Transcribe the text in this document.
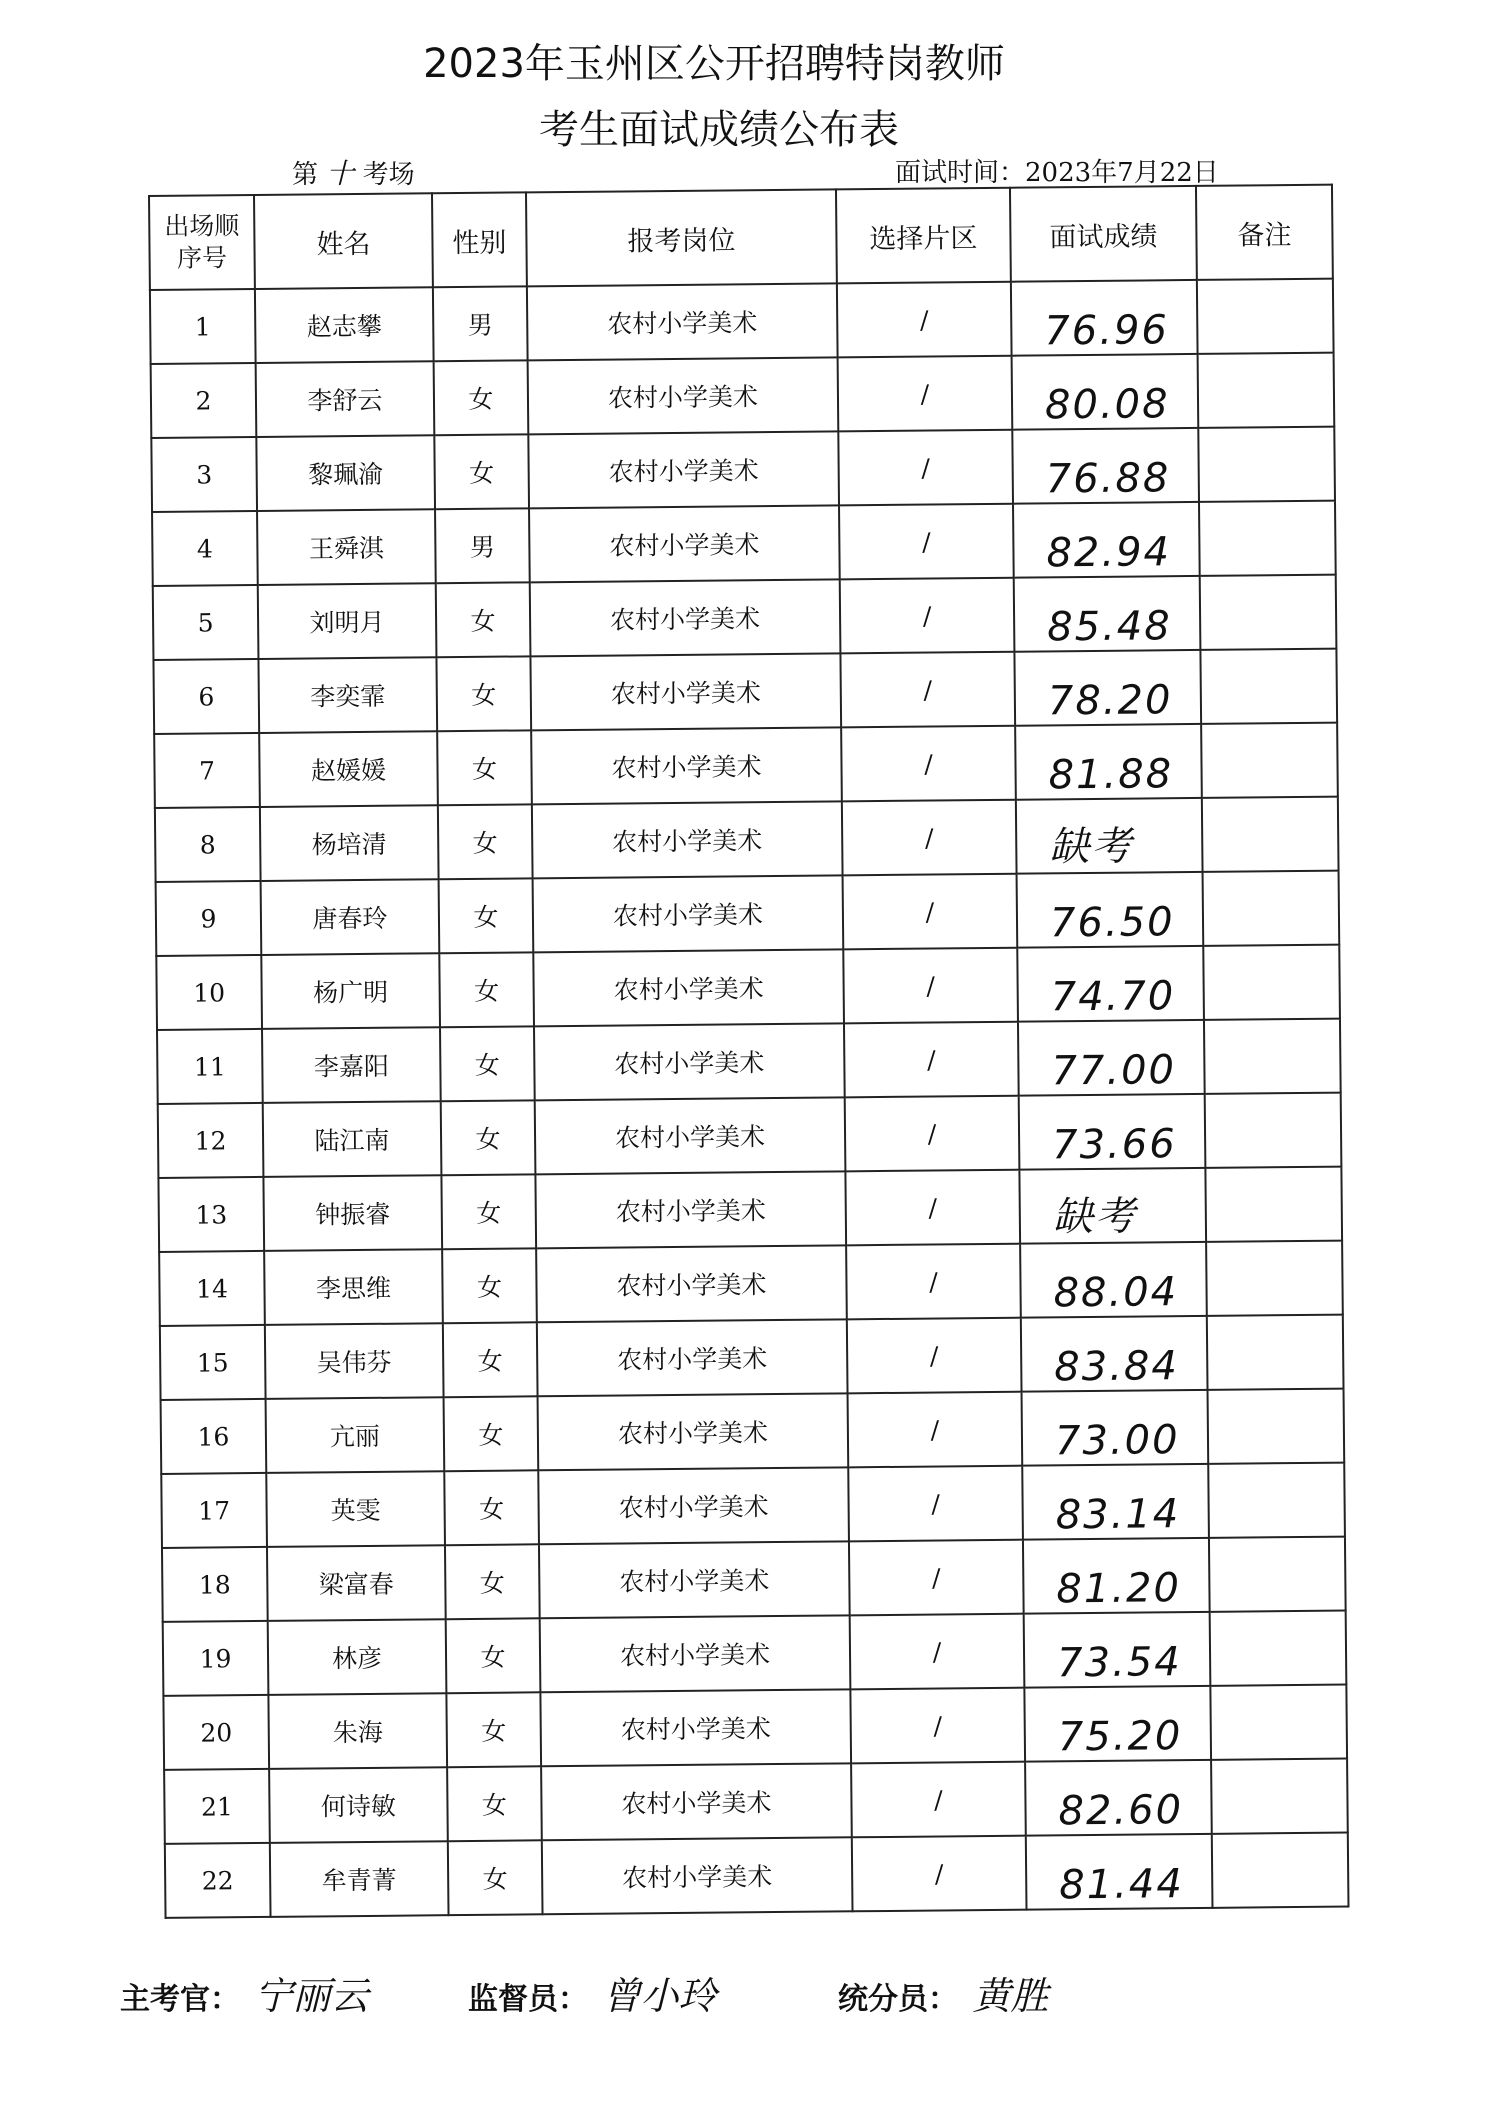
2023年玉州区公开招聘特岗教师
考生面试成绩公布表
第 十 考场	面试时间：2023年7月22日
出场顺序号	姓名	性别	报考岗位	选择片区	面试成绩	备注
1	赵志攀	男	农村小学美术	/	76.96	
2	李舒云	女	农村小学美术	/	80.08	
3	黎珮渝	女	农村小学美术	/	76.88	
4	王舜淇	男	农村小学美术	/	82.94	
5	刘明月	女	农村小学美术	/	85.48	
6	李奕霏	女	农村小学美术	/	78.20	
7	赵媛媛	女	农村小学美术	/	81.88	
8	杨培清	女	农村小学美术	/	缺考	
9	唐春玲	女	农村小学美术	/	76.50	
10	杨广明	女	农村小学美术	/	74.70	
11	李嘉阳	女	农村小学美术	/	77.00	
12	陆江南	女	农村小学美术	/	73.66	
13	钟振睿	女	农村小学美术	/	缺考	
14	李思维	女	农村小学美术	/	88.04	
15	吴伟芬	女	农村小学美术	/	83.84	
16	亢丽	女	农村小学美术	/	73.00	
17	英雯	女	农村小学美术	/	83.14	
18	梁富春	女	农村小学美术	/	81.20	
19	林彦	女	农村小学美术	/	73.54	
20	朱海	女	农村小学美术	/	75.20	
21	何诗敏	女	农村小学美术	/	82.60	
22	牟青菁	女	农村小学美术	/	81.44	
主考官： 宁丽云	监督员： 曾小玲	统分员： 黄胜
